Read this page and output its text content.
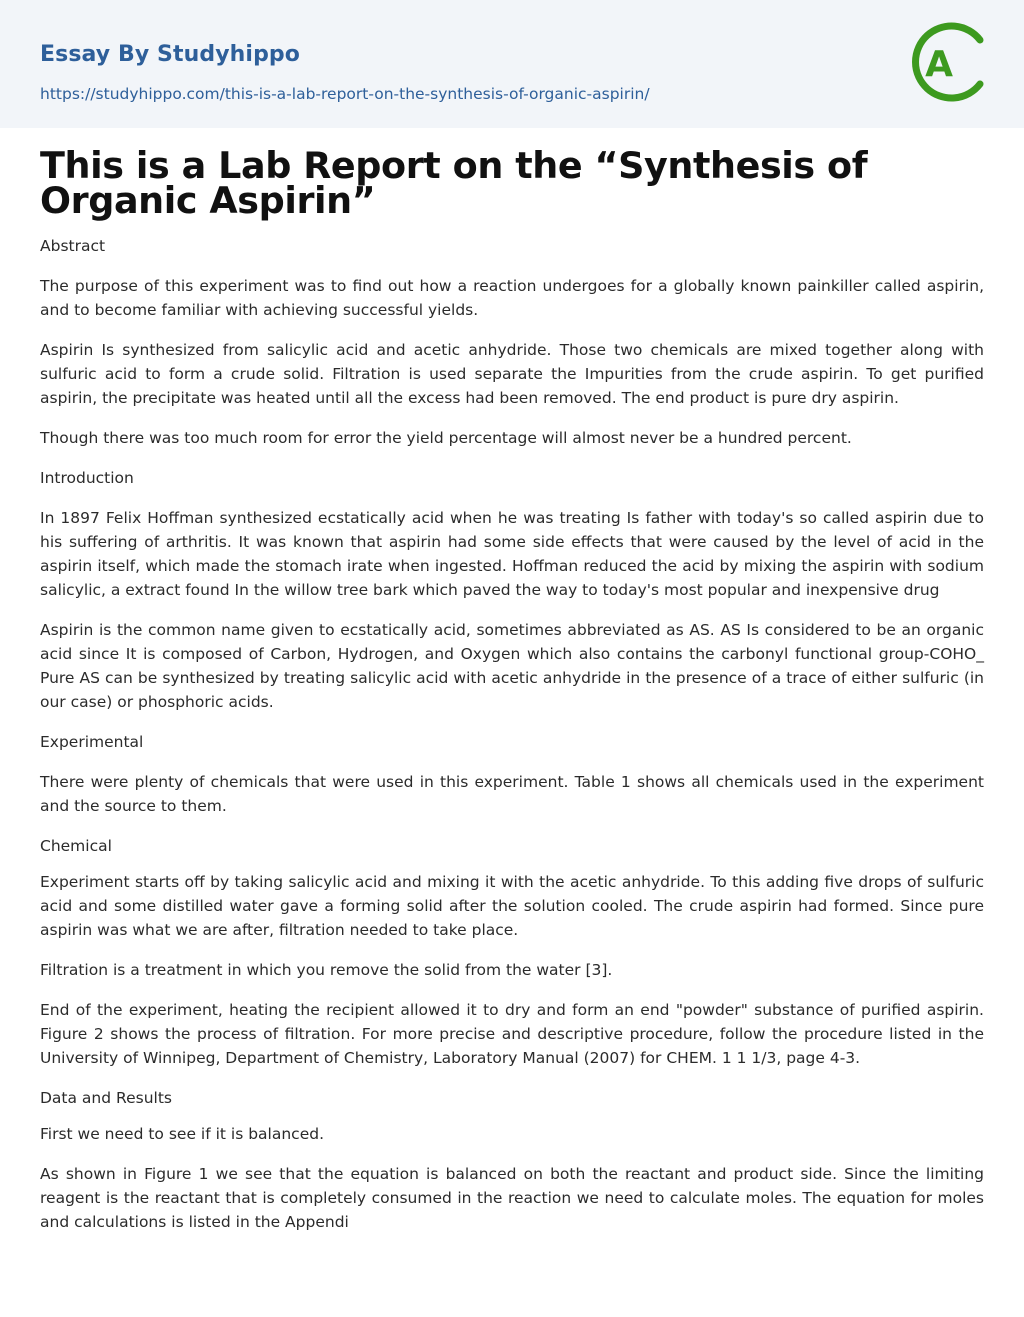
Essay By Studyhippo
https://studyhippo.com/this-is-a-lab-report-on-the-synthesis-of-organic-aspirin/
A
This is a Lab Report on the “Synthesis of Organic Aspirin”

Abstract

The purpose of this experiment was to find out how a reaction undergoes for a globally known painkiller called aspirin, and to become familiar with achieving successful yields.

Aspirin Is synthesized from salicylic acid and acetic anhydride. Those two chemicals are mixed together along with sulfuric acid to form a crude solid. Filtration is used separate the Impurities from the crude aspirin. To get purified aspirin, the precipitate was heated until all the excess had been removed. The end product is pure dry aspirin.

Though there was too much room for error the yield percentage will almost never be a hundred percent.

Introduction

In 1897 Felix Hoffman synthesized ecstatically acid when he was treating Is father with today's so called aspirin due to his suffering of arthritis. It was known that aspirin had some side effects that were caused by the level of acid in the aspirin itself, which made the stomach irate when ingested. Hoffman reduced the acid by mixing the aspirin with sodium salicylic, a extract found In the willow tree bark which paved the way to today's most popular and inexpensive drug

Aspirin is the common name given to ecstatically acid, sometimes abbreviated as AS. AS Is considered to be an organic acid since It is composed of Carbon, Hydrogen, and Oxygen which also contains the carbonyl functional group-COHO_ Pure AS can be synthesized by treating salicylic acid with acetic anhydride in the presence of a trace of either sulfuric (in our case) or phosphoric acids.

Experimental

There were plenty of chemicals that were used in this experiment. Table 1 shows all chemicals used in the experiment and the source to them.

Chemical

Experiment starts off by taking salicylic acid and mixing it with the acetic anhydride. To this adding five drops of sulfuric acid and some distilled water gave a forming solid after the solution cooled. The crude aspirin had formed. Since pure aspirin was what we are after, filtration needed to take place.

Filtration is a treatment in which you remove the solid from the water [3].

End of the experiment, heating the recipient allowed it to dry and form an end "powder" substance of purified aspirin. Figure 2 shows the process of filtration. For more precise and descriptive procedure, follow the procedure listed in the University of Winnipeg, Department of Chemistry, Laboratory Manual (2007) for CHEM. 1 1 1/3, page 4-3.

Data and Results

First we need to see if it is balanced.

As shown in Figure 1 we see that the equation is balanced on both the reactant and product side. Since the limiting reagent is the reactant that is completely consumed in the reaction we need to calculate moles. The equation for moles and calculations is listed in the Appendi
